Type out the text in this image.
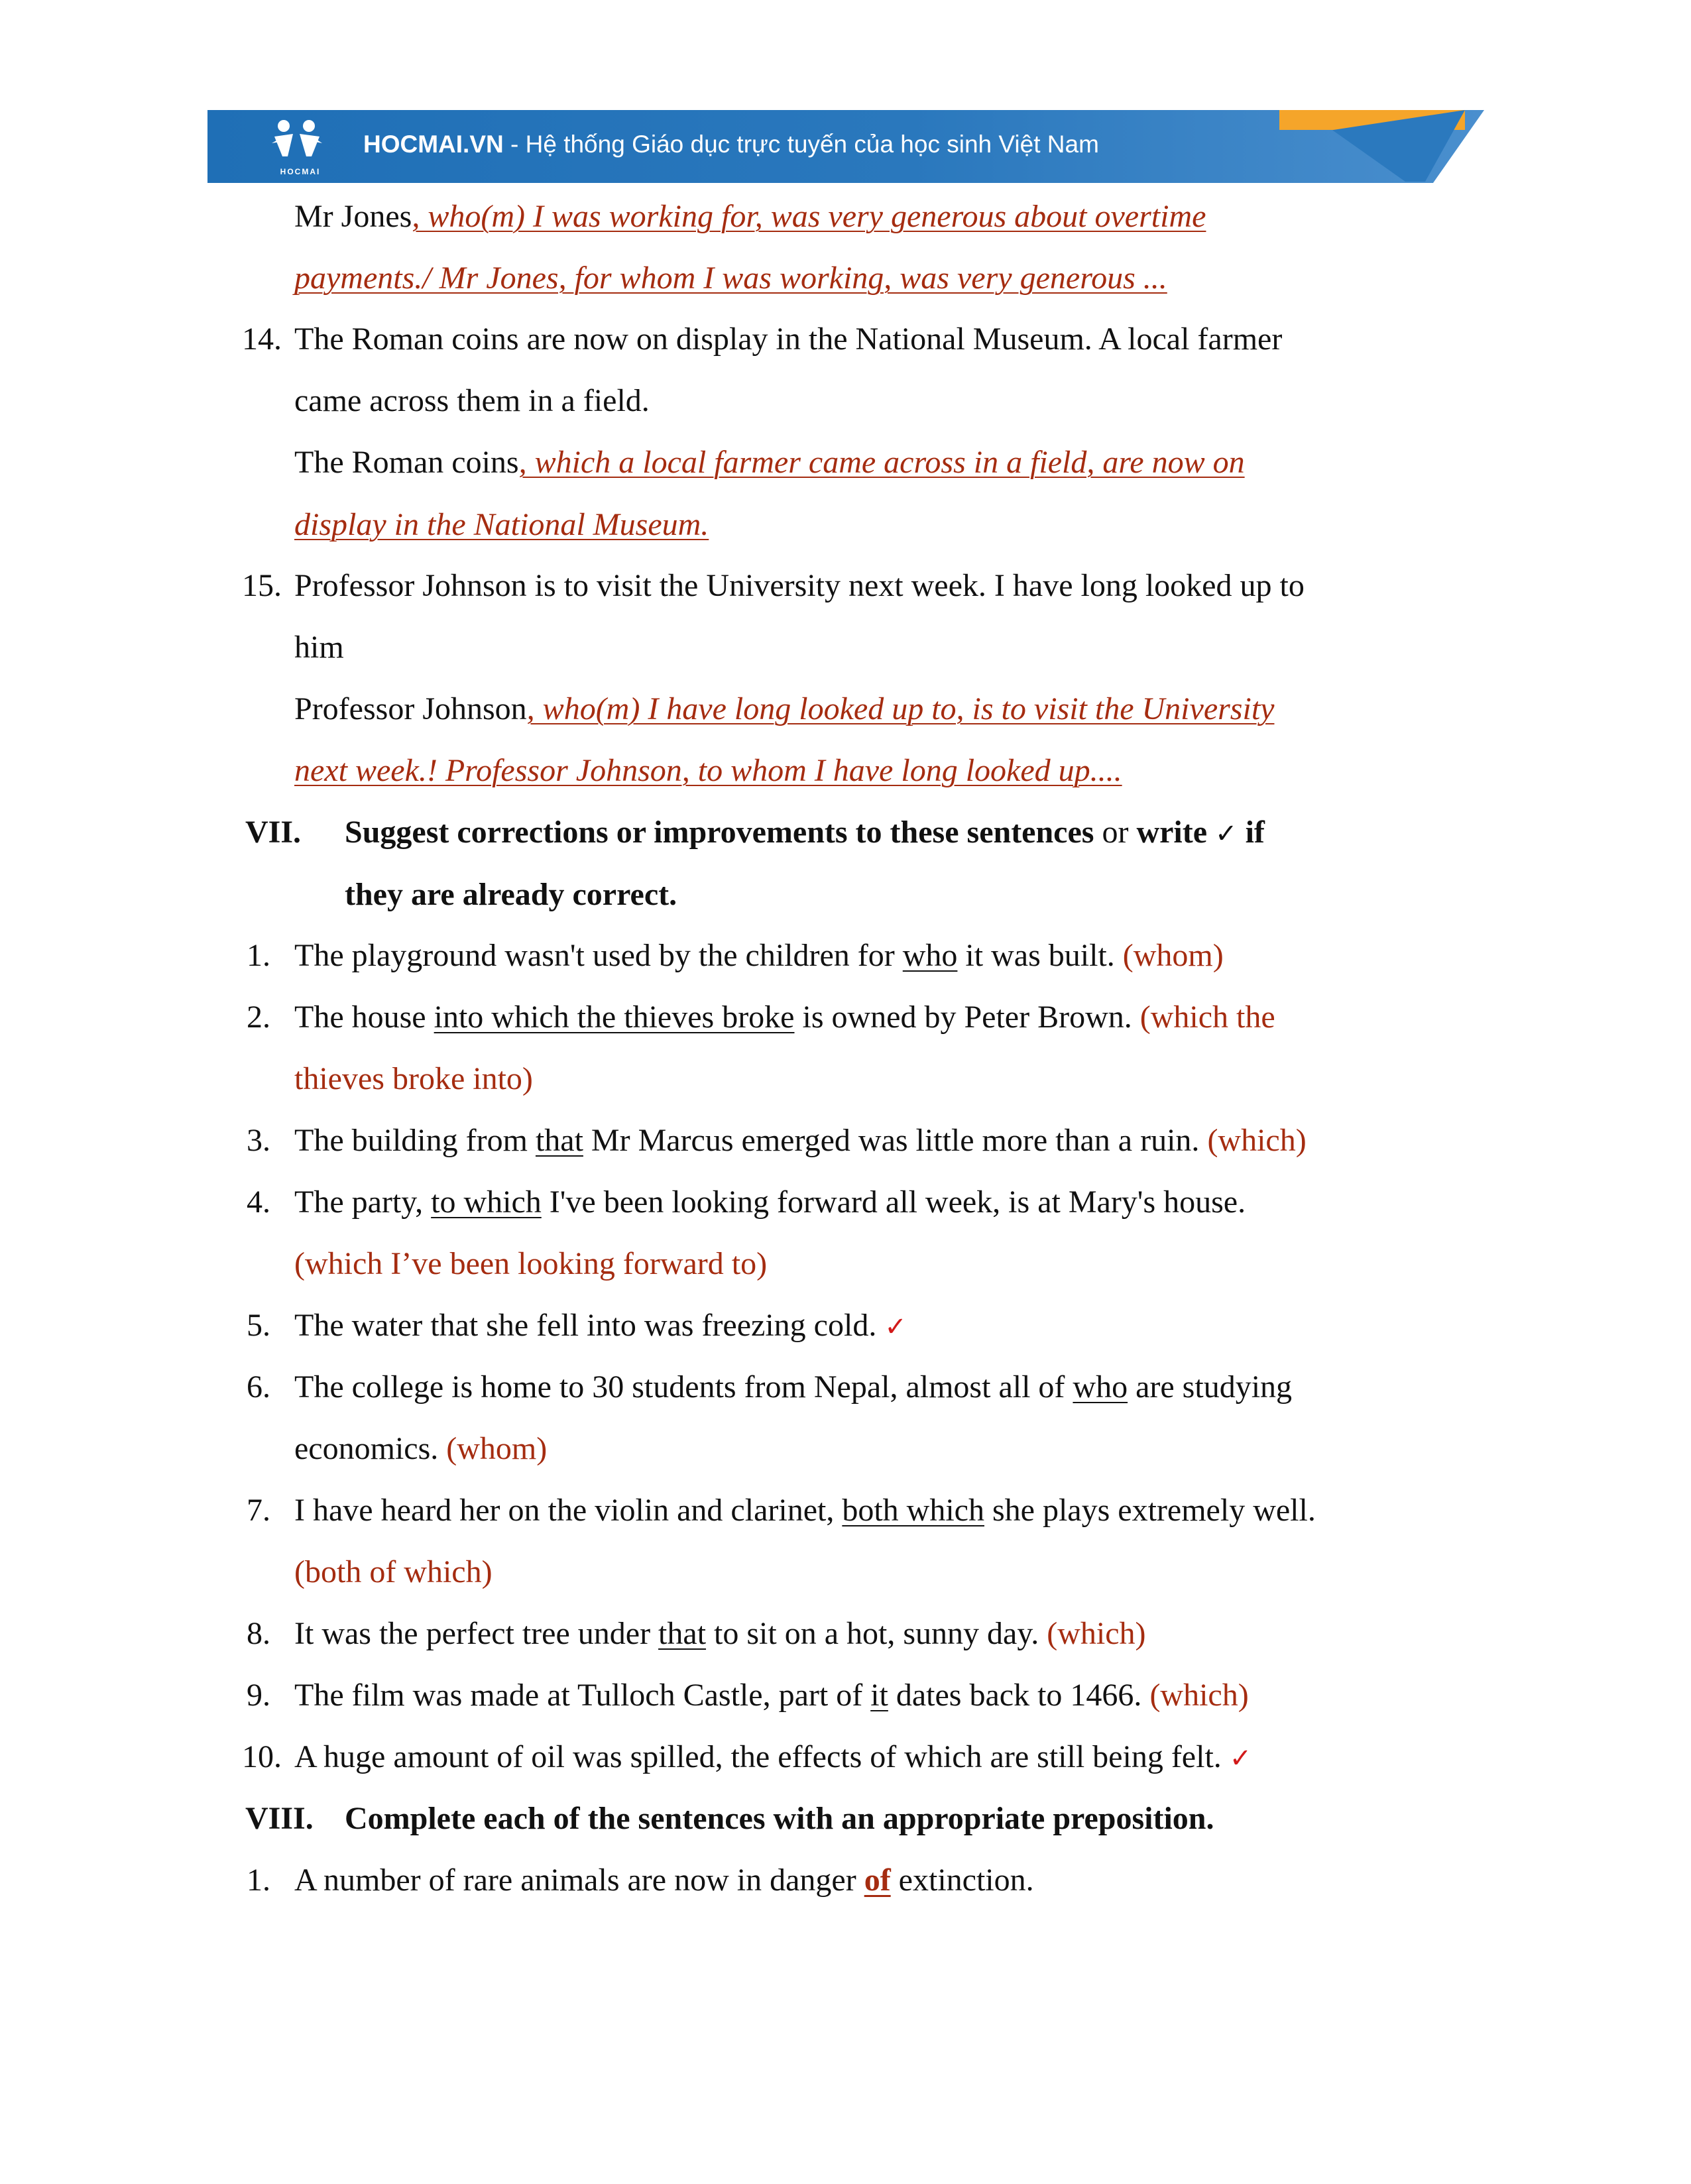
HOCMAI
HOCMAI.VN - Hệ thống Giáo dục trực tuyến của học sinh Việt Nam
Mr Jones, who(m) I was working for, was very generous about overtime
payments./ Mr Jones, for whom I was working, was very generous ...
14. The Roman coins are now on display in the National Museum. A local farmer
came across them in a field.
The Roman coins, which a local farmer came across in a field, are now on
display in the National Museum.
15. Professor Johnson is to visit the University next week. I have long looked up to
him
Professor Johnson, who(m) I have long looked up to, is to visit the University
next week.! Professor Johnson, to whom I have long looked up....
VII. Suggest corrections or improvements to these sentences or write ✓ if
they are already correct.
1. The playground wasn't used by the children for who it was built. (whom)
2. The house into which the thieves broke is owned by Peter Brown. (which the
thieves broke into)
3. The building from that Mr Marcus emerged was little more than a ruin. (which)
4. The party, to which I've been looking forward all week, is at Mary's house.
(which I’ve been looking forward to)
5. The water that she fell into was freezing cold. ✓
6. The college is home to 30 students from Nepal, almost all of who are studying
economics. (whom)
7. I have heard her on the violin and clarinet, both which she plays extremely well.
(both of which)
8. It was the perfect tree under that to sit on a hot, sunny day. (which)
9. The film was made at Tulloch Castle, part of it dates back to 1466. (which)
10. A huge amount of oil was spilled, the effects of which are still being felt. ✓
VIII. Complete each of the sentences with an appropriate preposition.
1. A number of rare animals are now in danger of extinction.
